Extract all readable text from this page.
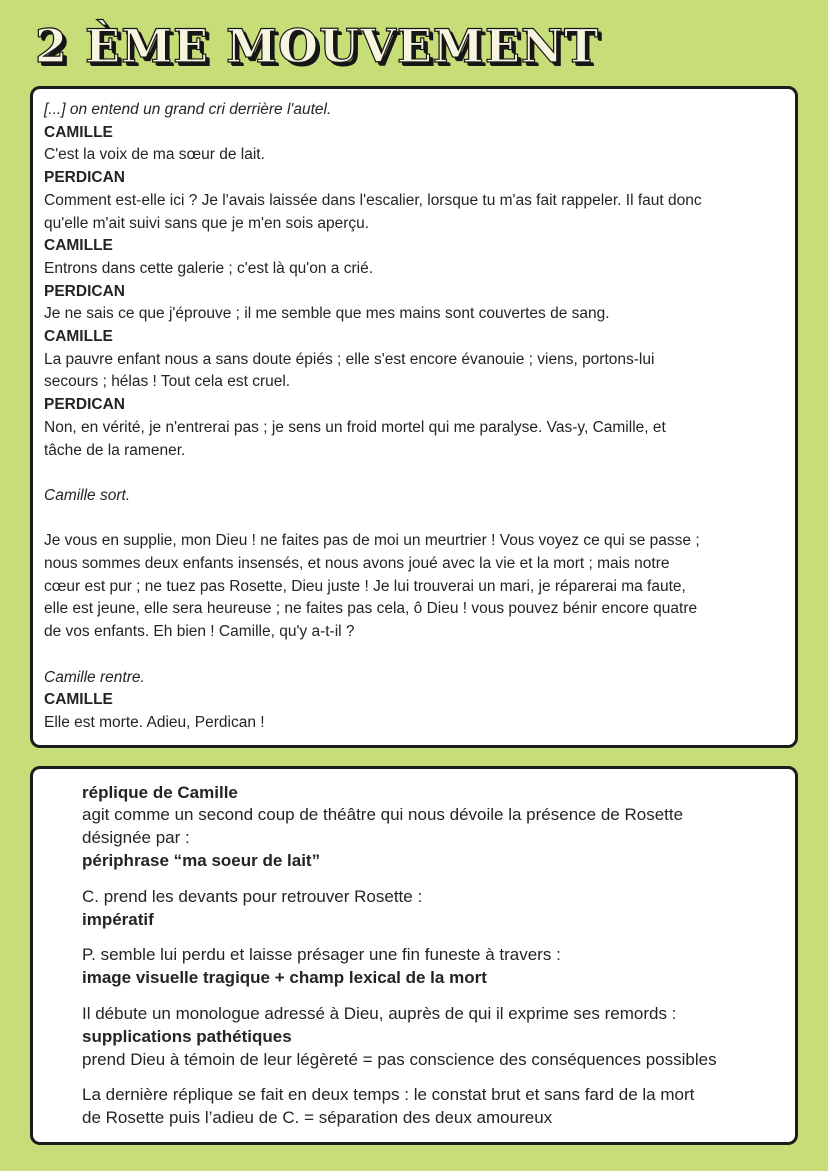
2 ÈME MOUVEMENT

[...] on entend un grand cri derrière l'autel.

CAMILLE

C'est la voix de ma sœur de lait.

PERDICAN

Comment est-elle ici ? Je l'avais laissée dans l'escalier, lorsque tu m'as fait rappeler. Il faut donc

qu'elle m'ait suivi sans que je m'en sois aperçu.

CAMILLE

Entrons dans cette galerie ; c'est là qu'on a crié.

PERDICAN

Je ne sais ce que j'éprouve ; il me semble que mes mains sont couvertes de sang.

CAMILLE

La pauvre enfant nous a sans doute épiés ; elle s'est encore évanouie ; viens, portons-lui

secours ; hélas ! Tout cela est cruel.

PERDICAN

Non, en vérité, je n'entrerai pas ; je sens un froid mortel qui me paralyse. Vas-y, Camille, et

tâche de la ramener.

Camille sort.

Je vous en supplie, mon Dieu ! ne faites pas de moi un meurtrier ! Vous voyez ce qui se passe ;

nous sommes deux enfants insensés, et nous avons joué avec la vie et la mort ; mais notre

cœur est pur ; ne tuez pas Rosette, Dieu juste ! Je lui trouverai un mari, je réparerai ma faute,

elle est jeune, elle sera heureuse ; ne faites pas cela, ô Dieu ! vous pouvez bénir encore quatre

de vos enfants. Eh bien ! Camille, qu'y a-t-il ?

Camille rentre.

CAMILLE

Elle est morte. Adieu, Perdican !

réplique de Camille

agit comme un second coup de théâtre qui nous dévoile la présence de Rosette

désignée par :

périphrase “ma soeur de lait”

C. prend les devants pour retrouver Rosette :

impératif

P. semble lui perdu et laisse présager une fin funeste à travers :

image visuelle tragique + champ lexical de la mort

Il débute un monologue adressé à Dieu, auprès de qui il exprime ses remords :

supplications pathétiques

prend Dieu à témoin de leur légèreté = pas conscience des conséquences possibles

La dernière réplique se fait en deux temps : le constat brut et sans fard de la mort

de Rosette puis l’adieu de C. = séparation des deux amoureux
